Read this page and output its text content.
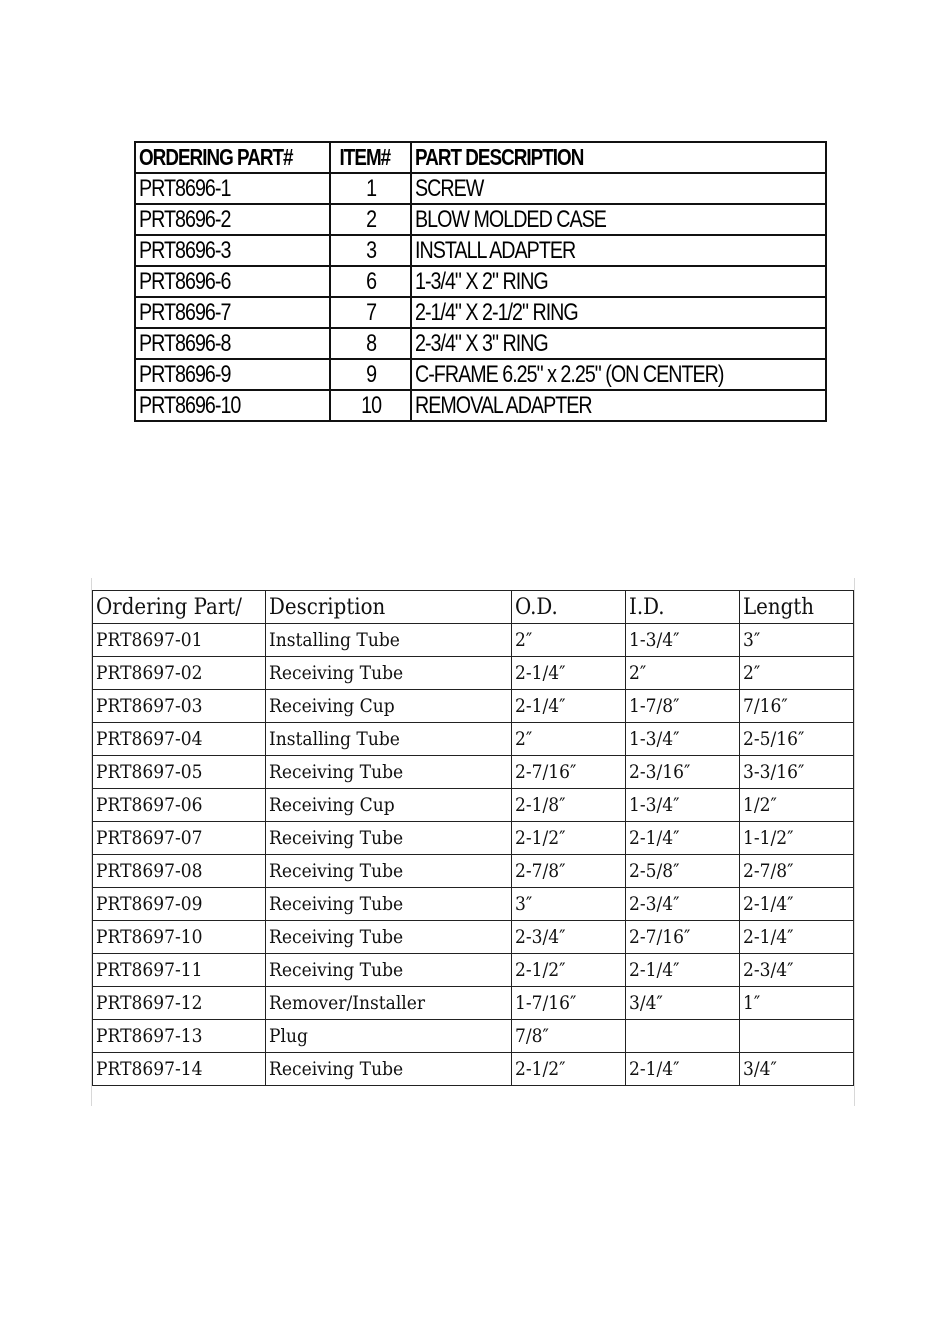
ORDERING PART#	ITEM#	PART DESCRIPTION
PRT8696-1	1	SCREW
PRT8696-2	2	BLOW MOLDED CASE
PRT8696-3	3	INSTALL ADAPTER
PRT8696-6	6	1-3/4" X 2" RING
PRT8696-7	7	2-1/4" X 2-1/2" RING
PRT8696-8	8	2-3/4" X 3" RING
PRT8696-9	9	C-FRAME 6.25" x 2.25" (ON CENTER)
PRT8696-10	10	REMOVAL ADAPTER
Ordering Part/	Description	O.D.	I.D.	Length
PRT8697-01	Installing Tube	2″	1-3/4″	3″
PRT8697-02	Receiving Tube	2-1/4″	2″	2″
PRT8697-03	Receiving Cup	2-1/4″	1-7/8″	7/16″
PRT8697-04	Installing Tube	2″	1-3/4″	2-5/16″
PRT8697-05	Receiving Tube	2-7/16″	2-3/16″	3-3/16″
PRT8697-06	Receiving Cup	2-1/8″	1-3/4″	1/2″
PRT8697-07	Receiving Tube	2-1/2″	2-1/4″	1-1/2″
PRT8697-08	Receiving Tube	2-7/8″	2-5/8″	2-7/8″
PRT8697-09	Receiving Tube	3″	2-3/4″	2-1/4″
PRT8697-10	Receiving Tube	2-3/4″	2-7/16″	2-1/4″
PRT8697-11	Receiving Tube	2-1/2″	2-1/4″	2-3/4″
PRT8697-12	Remover/Installer	1-7/16″	3/4″	1″
PRT8697-13	Plug	7/8″		
PRT8697-14	Receiving Tube	2-1/2″	2-1/4″	3/4″
